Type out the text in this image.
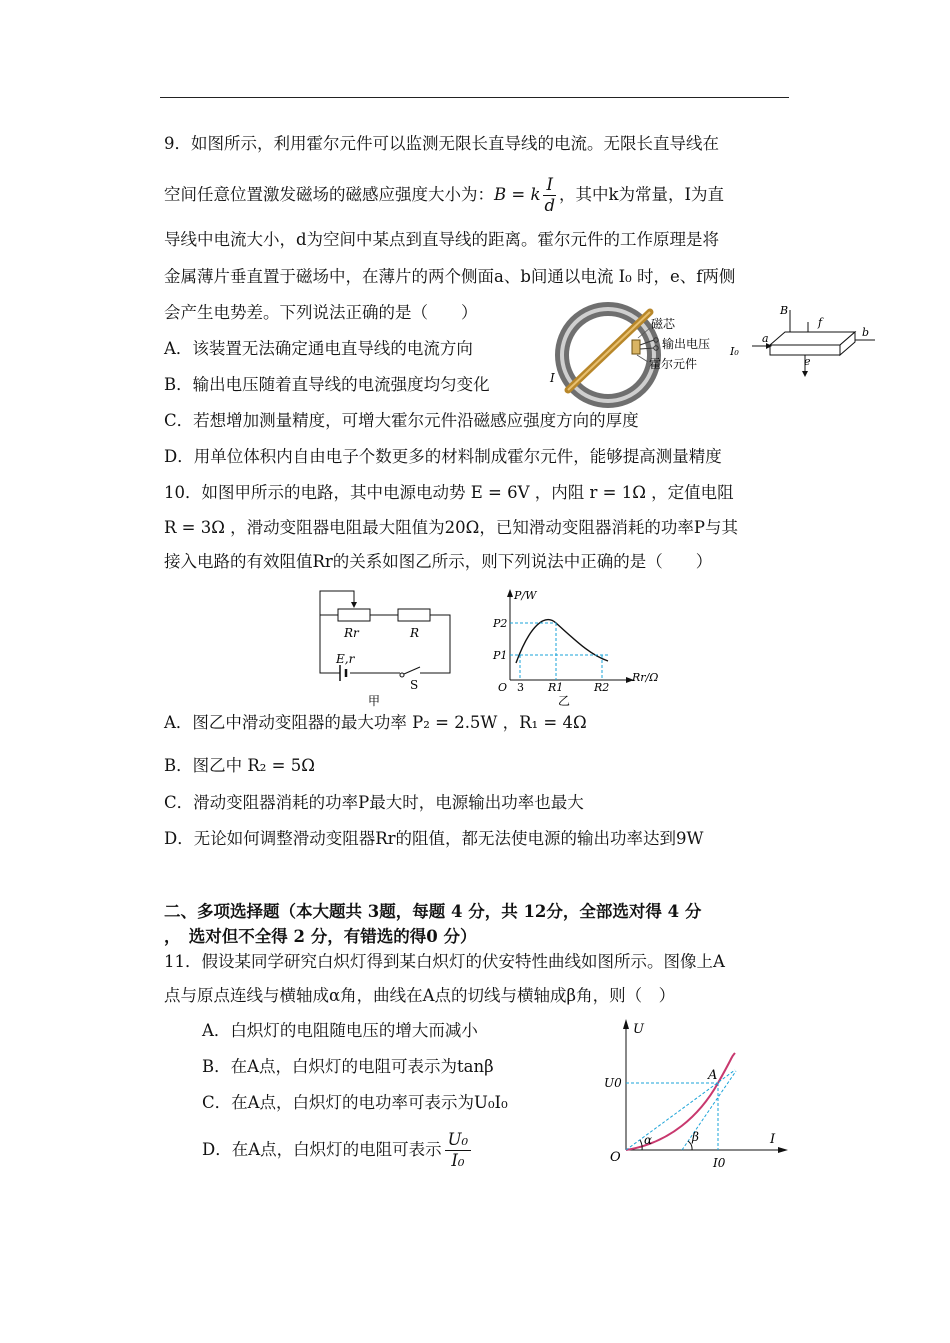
9．如图所示，利用霍尔元件可以监测无限长直导线的电流。无限长直导线在
空间任意位置激发磁场的磁感应强度大小为：B = k $\frac{I}{d}$ ，其中k为常量，I为直
导线中电流大小，d为空间中某点到直导线的距离。霍尔元件的工作原理是将
金属薄片垂直置于磁场中，在薄片的两个侧面a、b间通以电流 I₀ 时，e、f两侧
会产生电势差。下列说法正确的是（　　）
A．该装置无法确定通电直导线的电流方向
B．输出电压随着直导线的电流强度均匀变化
C．若想增加测量精度，可增大霍尔元件沿磁感应强度方向的厚度
D．用单位体积内自由电子个数更多的材料制成霍尔元件，能够提高测量精度
磁芯
输出电压
霍尔元件
I
B
f
e
I₀
a	b
10．如图甲所示的电路，其中电源电动势 E = 6V ，内阻 r = 1Ω ，定值电阻
R = 3Ω ，滑动变阻器电阻最大阻值为20Ω，已知滑动变阻器消耗的功率P与其
接入电路的有效阻值Rr的关系如图乙所示，则下列说法中正确的是（　　）
Rr	R
E,r
S
甲
P/W
Rr/Ω
P2
P1
O 3 R1	R2
乙
A．图乙中滑动变阻器的最大功率 P₂ = 2.5W ，R₁ = 4Ω
B．图乙中 R₂ = 5Ω
C．滑动变阻器消耗的功率P最大时，电源输出功率也最大
D．无论如何调整滑动变阻器Rr的阻值，都无法使电源的输出功率达到9W
二、多项选择题（本大题共 3题，每题 4 分，共 12分，全部选对得 4 分
，　选对但不全得 2 分，有错选的得0 分）
11．假设某同学研究白炽灯得到某白炽灯的伏安特性曲线如图所示。图像上A
点与原点连线与横轴成α角，曲线在A点的切线与横轴成β角，则（　）
A．白炽灯的电阻随电压的增大而减小
B．在A点，白炽灯的电阻可表示为tanβ
C．在A点，白炽灯的电功率可表示为U₀I₀
D．在A点，白炽灯的电阻可表示 $\frac{\text{U₀}}{\text{I₀}}$
U
I
O
A
U0
I0
α	β
